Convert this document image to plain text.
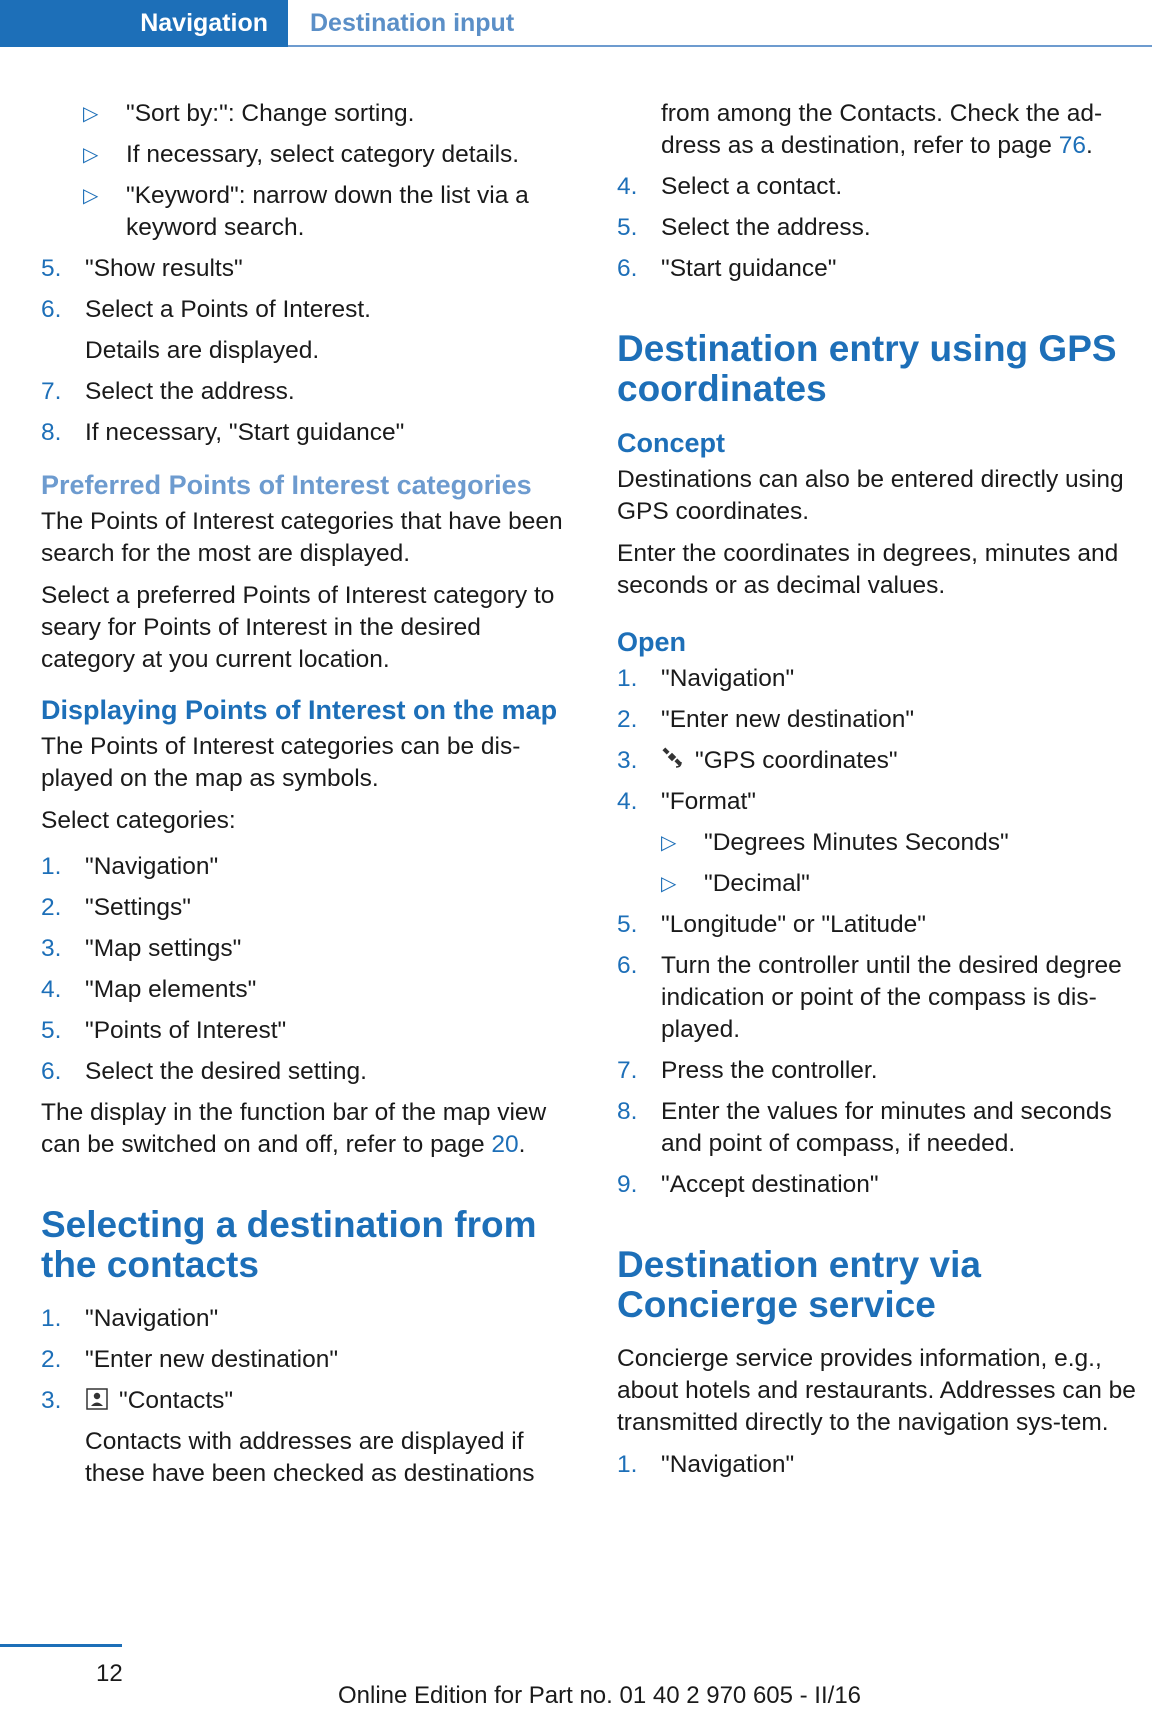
Navigation	Destination input
▷ "Sort by:": Change sorting.
▷ If necessary, select category details.
▷ "Keyword": narrow down the list via a keyword search.
5. "Show results"
6. Select a Points of Interest.
Details are displayed.
7. Select the address.
8. If necessary, "Start guidance"
Preferred Points of Interest categories

The Points of Interest categories that have been search for the most are displayed.

Select a preferred Points of Interest category to seary for Points of Interest in the desired category at you current location.

Displaying Points of Interest on the map

The Points of Interest categories can be dis‐played on the map as symbols.

Select categories:

1. "Navigation"
2. "Settings"
3. "Map settings"
4. "Map elements"
5. "Points of Interest"
6. Select the desired setting.

The display in the function bar of the map view can be switched on and off, refer to page 20.

Selecting a destination from the contacts
1. "Navigation"
2. "Enter new destination"
3.	"Contacts"
Contacts with addresses are displayed if these have been checked as destinations
from among the Contacts. Check the ad‐dress as a destination, refer to page 76.
4. Select a contact.
5. Select the address.
6. "Start guidance"
Destination entry using GPS coordinates
Concept

Destinations can also be entered directly using GPS coordinates.

Enter the coordinates in degrees, minutes and seconds or as decimal values.

Open
1. "Navigation"
2. "Enter new destination"
3.	"GPS coordinates"
4. "Format"
▷ "Degrees Minutes Seconds"
▷ "Decimal"
5. "Longitude" or "Latitude"
6. Turn the controller until the desired degree indication or point of the compass is dis‐played.
7. Press the controller.
8. Enter the values for minutes and seconds and point of compass, if needed.
9. "Accept destination"
Destination entry via Concierge service

Concierge service provides information, e.g., about hotels and restaurants. Addresses can be transmitted directly to the navigation sys‐tem.

1. "Navigation"
12
Online Edition for Part no. 01 40 2 970 605 - II/16
